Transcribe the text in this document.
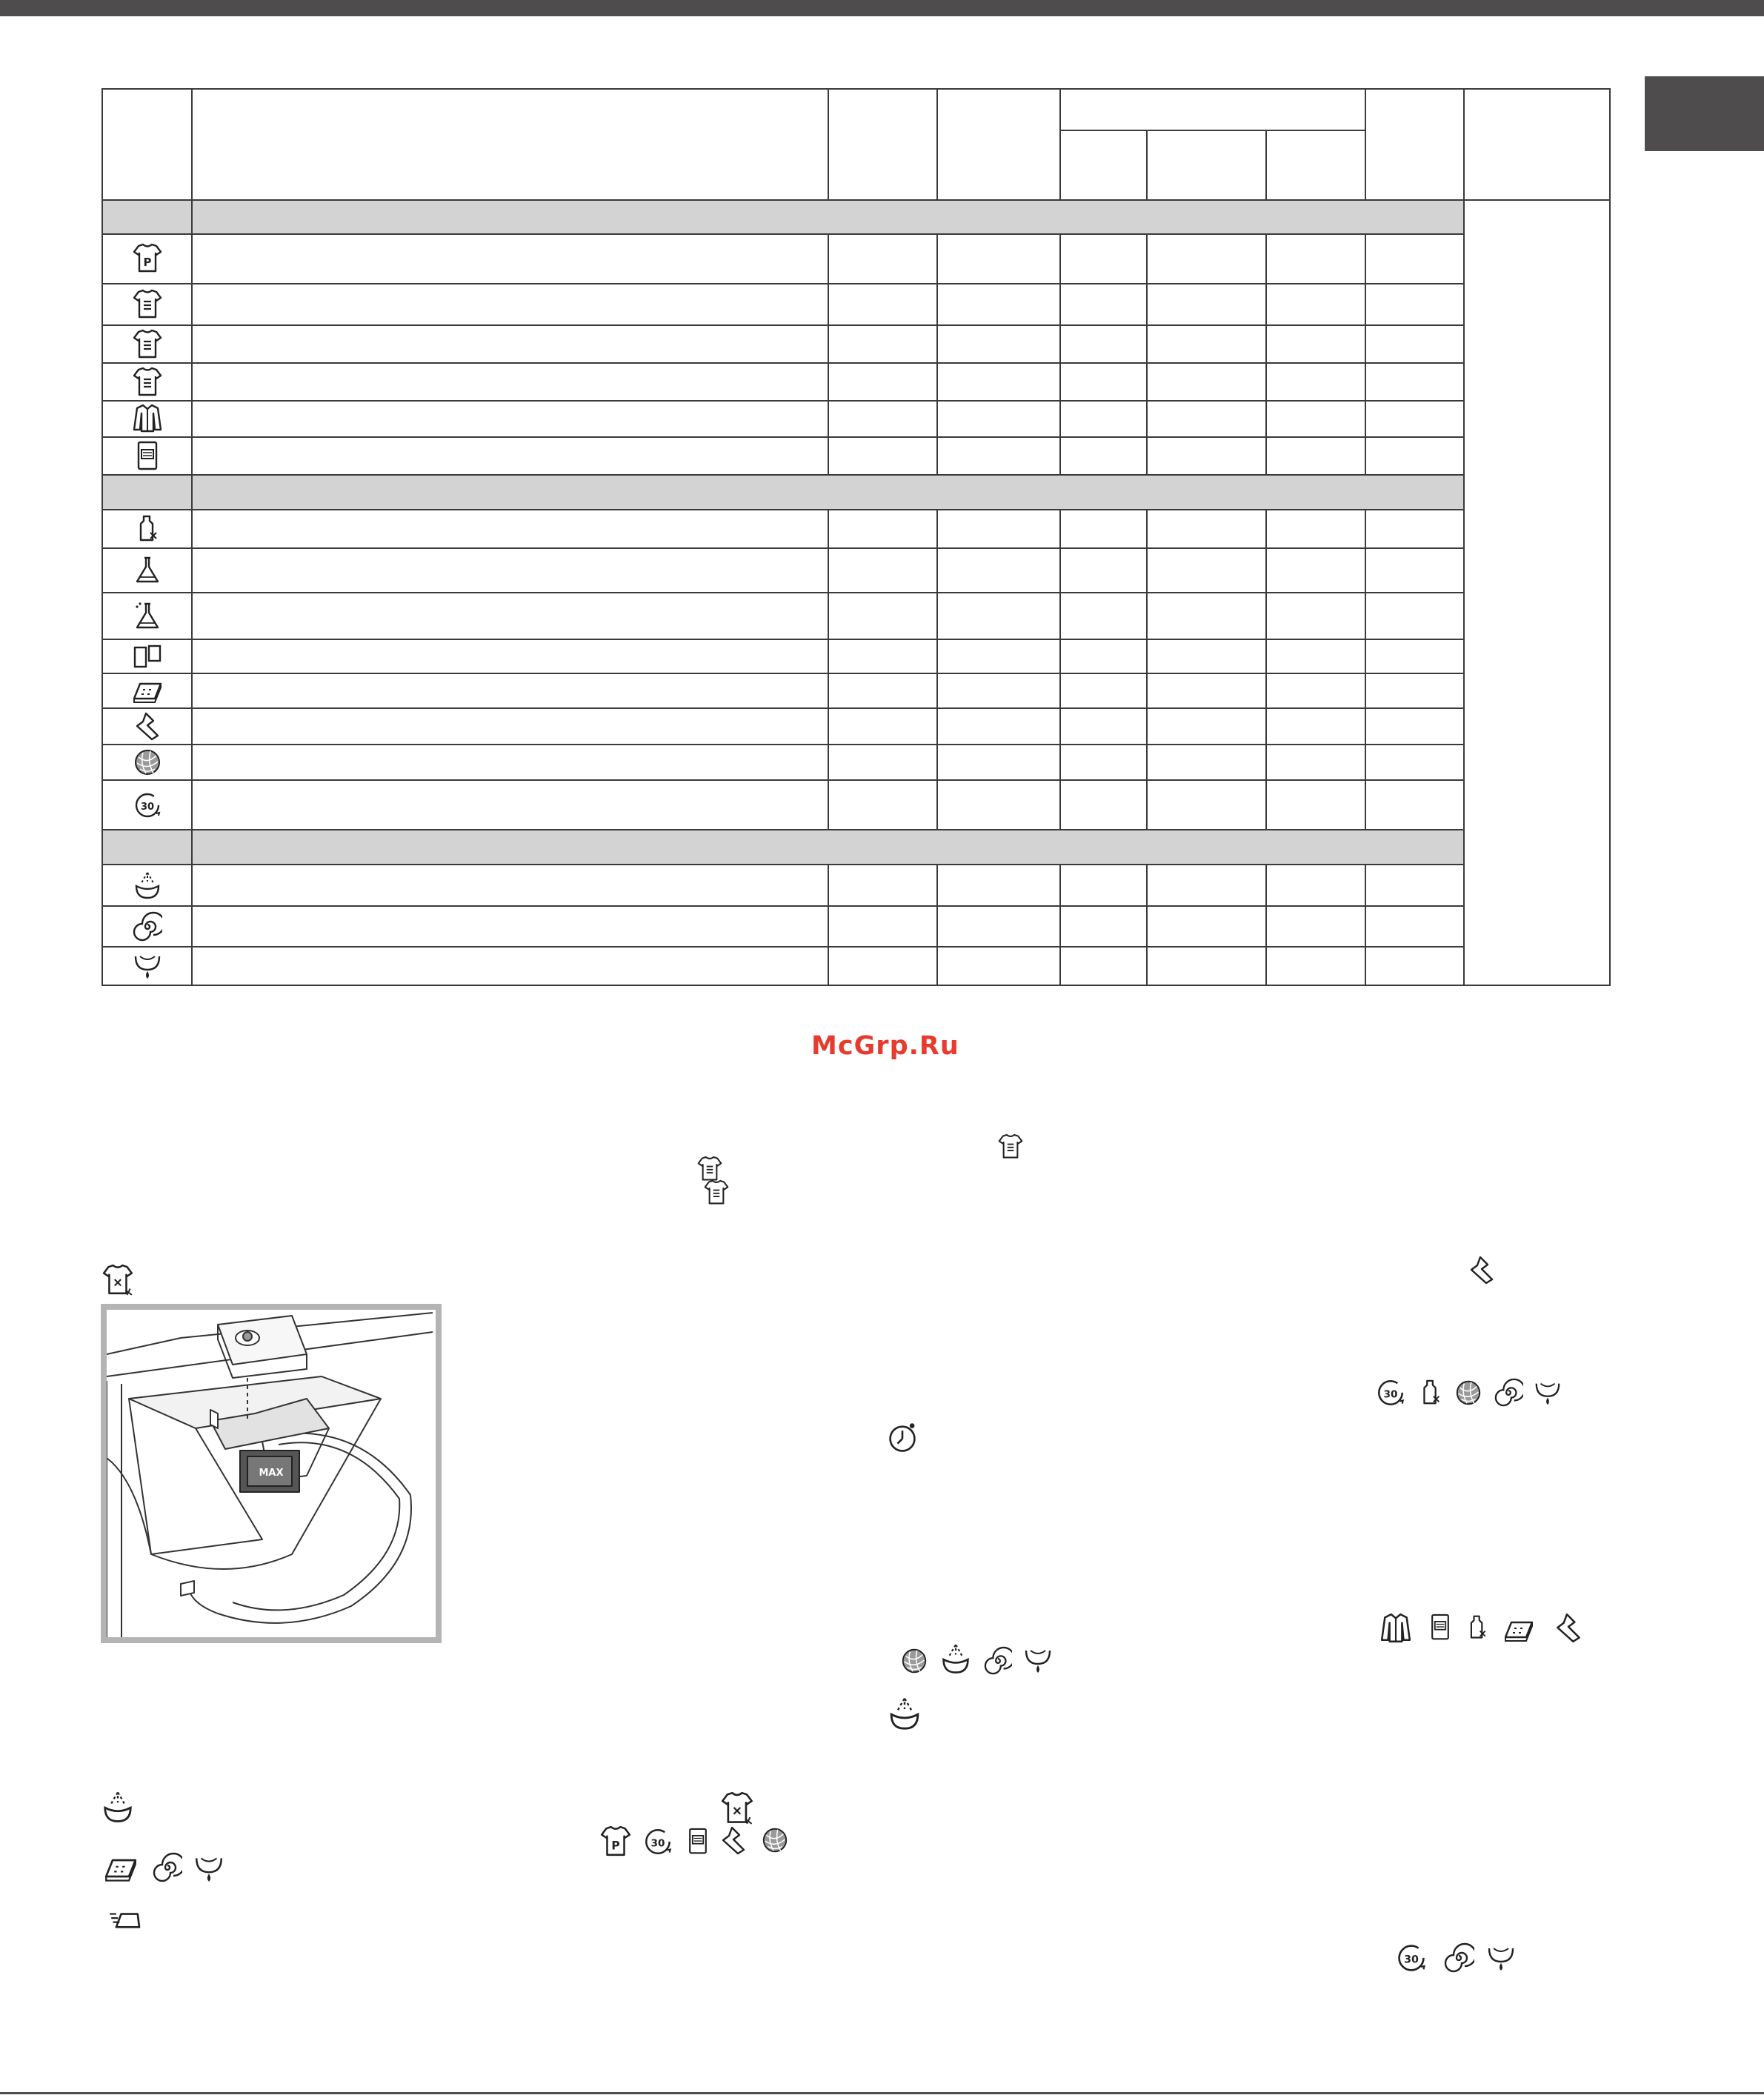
McGrp.Ru
MAX
